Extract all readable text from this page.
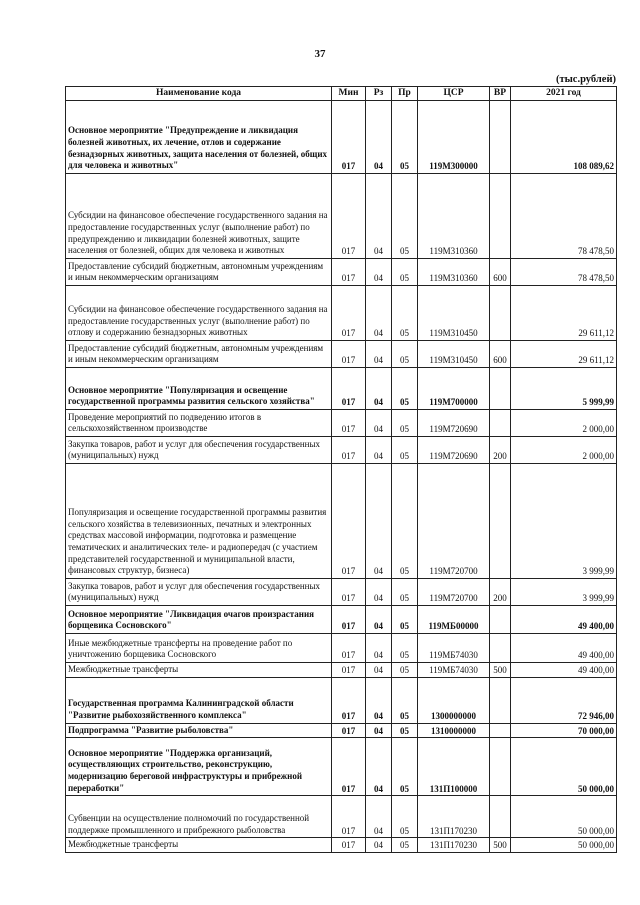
37
(тыс.рублей)
Наименование кода	Мин	Рз	Пр	ЦСР	ВР	2021 год
Основное мероприятие "Предупреждение и ликвидация болезней животных, их лечение, отлов и содержание безнадзорных животных, защита населения от болезней, общих для человека и животных"	017	04	05	119М300000		108 089,62
Субсидии на финансовое обеспечение государственного задания на предоставление государственных услуг (выполнение работ) по предупреждению и ликвидации болезней животных, защите населения от болезней, общих для человека и животных	017	04	05	119М310360		78 478,50
Предоставление субсидий бюджетным, автономным учреждениям и иным некоммерческим организациям	017	04	05	119М310360	600	78 478,50
Субсидии на финансовое обеспечение государственного задания на предоставление государственных услуг (выполнение работ) по отлову и содержанию безнадзорных животных	017	04	05	119М310450		29 611,12
Предоставление субсидий бюджетным, автономным учреждениям и иным некоммерческим организациям	017	04	05	119М310450	600	29 611,12
Основное мероприятие "Популяризация и освещение государственной программы развития сельского хозяйства"	017	04	05	119М700000		5 999,99
Проведение мероприятий по подведению итогов в сельскохозяйственном производстве	017	04	05	119М720690		2 000,00
Закупка товаров, работ и услуг для обеспечения государственных (муниципальных) нужд	017	04	05	119М720690	200	2 000,00
Популяризация и освещение государственной программы развития сельского хозяйства в телевизионных, печатных и электронных средствах массовой информации, подготовка и размещение тематических и аналитических теле- и радиопередач (с участием представителей государственной и муниципальной власти, финансовых структур, бизнеса)	017	04	05	119М720700		3 999,99
Закупка товаров, работ и услуг для обеспечения государственных (муниципальных) нужд	017	04	05	119М720700	200	3 999,99
Основное мероприятие "Ликвидация очагов произрастания борщевика Сосновского"	017	04	05	119МБ00000		49 400,00
Иные межбюджетные трансферты на проведение работ по уничтожению борщевика Сосновского	017	04	05	119МБ74030		49 400,00
Межбюджетные трансферты	017	04	05	119МБ74030	500	49 400,00
Государственная программа Калининградской области "Развитие рыбохозяйственного комплекса"	017	04	05	1300000000		72 946,00
Подпрограмма "Развитие рыболовства"	017	04	05	1310000000		70 000,00
Основное мероприятие "Поддержка организаций, осуществляющих строительство, реконструкцию, модернизацию береговой инфраструктуры и прибрежной переработки"	017	04	05	131П100000		50 000,00
Субвенции на осуществление полномочий по государственной поддержке промышленного и прибрежного рыболовства	017	04	05	131П170230		50 000,00
Межбюджетные трансферты	017	04	05	131П170230	500	50 000,00
